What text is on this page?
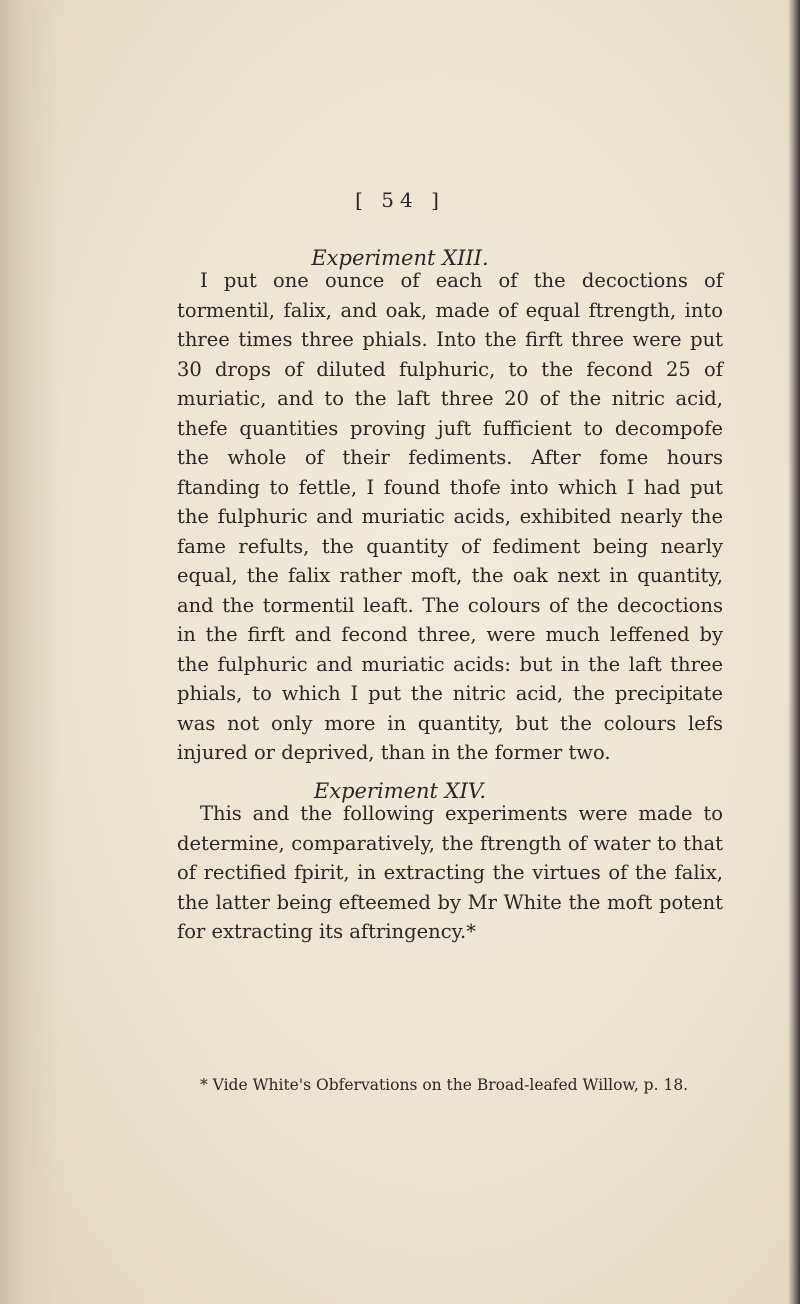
[ 54 ]
Experiment XIII.

I put one ounce of each of the decoctions of tormentil, falix, and oak, made of equal ftrength, into three times three phials. Into the firft three were put 30 drops of diluted fulphuric, to the fecond 25 of muriatic, and to the laft three 20 of the nitric acid, thefe quantities proving juft fufficient to decompofe the whole of their fediments. After fome hours ftanding to fettle, I found thofe into which I had put the fulphuric and muriatic acids, exhibited nearly the fame refults, the quantity of fediment being nearly equal, the falix rather moft, the oak next in quantity, and the tormentil leaft. The colours of the decoctions in the firft and fecond three, were much leffened by the fulphuric and muriatic acids: but in the laft three phials, to which I put the nitric acid, the precipitate was not only more in quantity, but the colours lefs injured or deprived, than in the former two.

Experiment XIV.

This and the following experiments were made to determine, comparatively, the ftrength of water to that of rectified fpirit, in extracting the virtues of the falix, the latter being efteemed by Mr White the moft potent for extracting its aftringency.*

* Vide White's Obfervations on the Broad-leafed Willow, p. 18.
